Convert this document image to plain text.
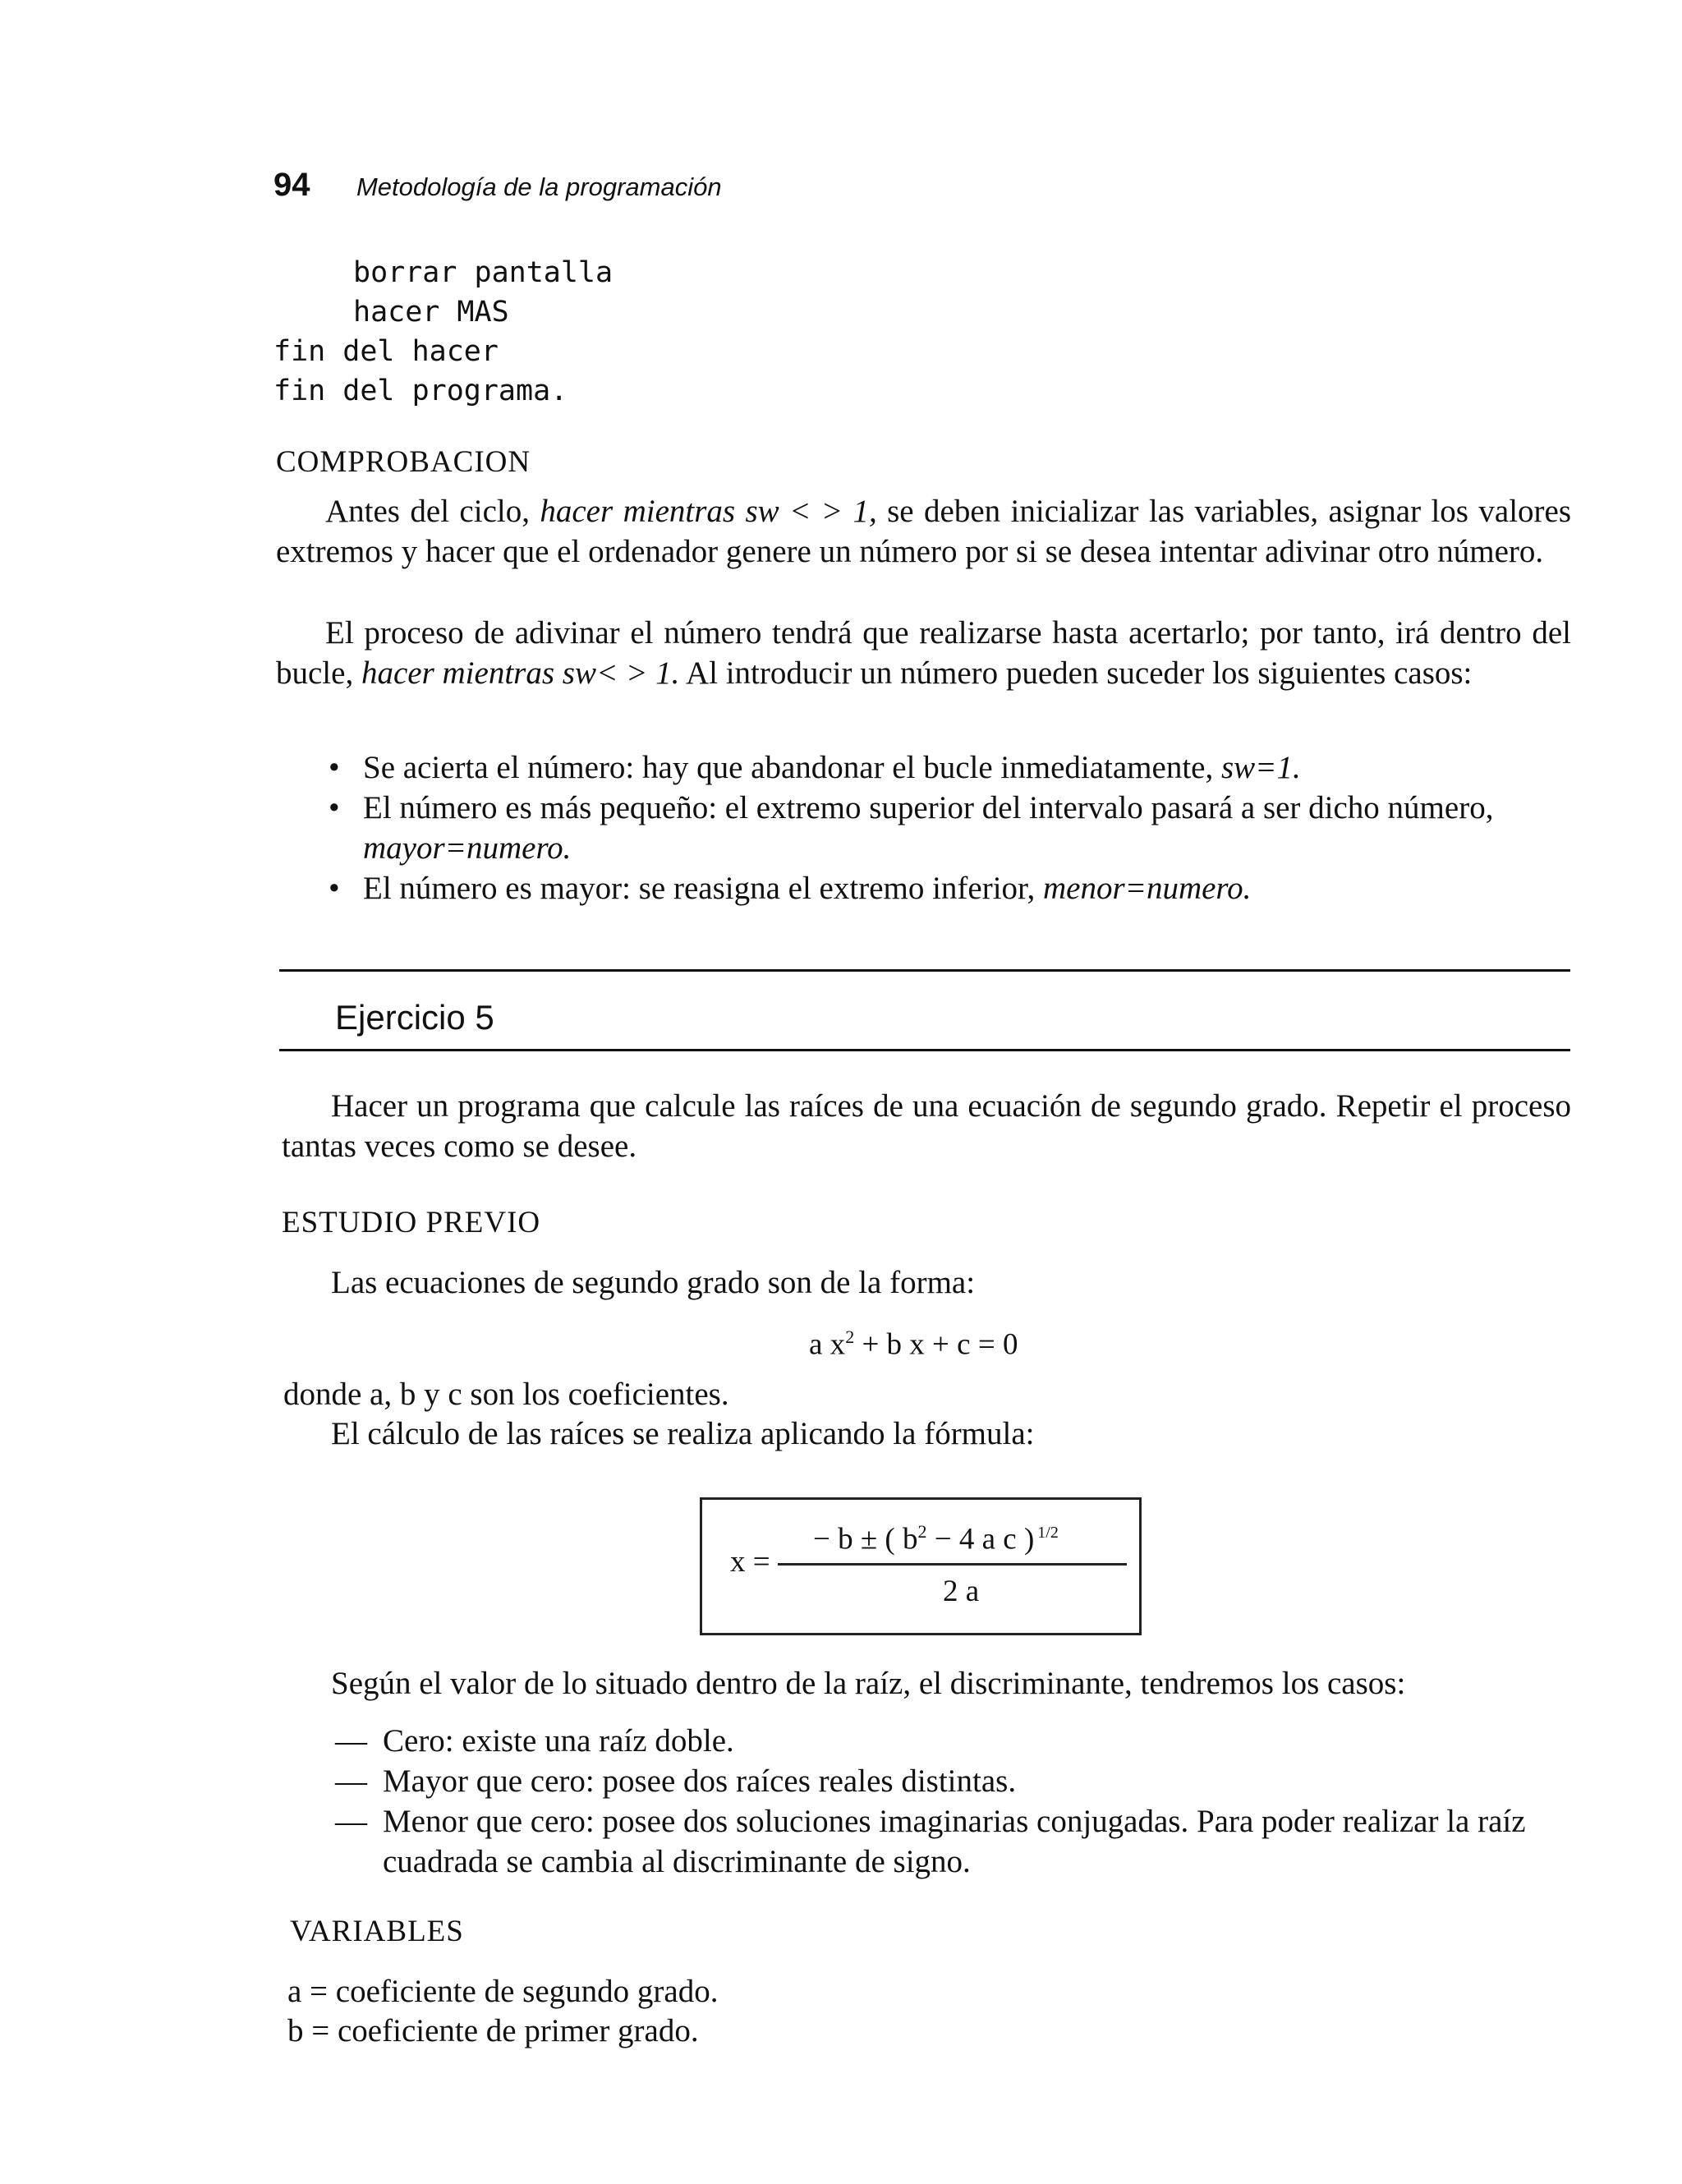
94 Metodología de la programación
borrar pantalla
hacer MAS
fin del hacer
fin del programa.
COMPROBACION

Antes del ciclo, hacer mientras sw < > 1, se deben inicializar las variables, asignar los valores extremos y hacer que el ordenador genere un número por si se desea intentar adivinar otro número.

El proceso de adivinar el número tendrá que realizarse hasta acertarlo; por tanto, irá dentro del bucle, hacer mientras sw< > 1. Al introducir un número pueden suceder los siguientes casos:

• Se acierta el número: hay que abandonar el bucle inmediatamente, sw=1.

• El número es más pequeño: el extremo superior del intervalo pasará a ser dicho número, mayor=numero.

• El número es mayor: se reasigna el extremo inferior, menor=numero.

Ejercicio 5

Hacer un programa que calcule las raíces de una ecuación de segundo grado. Repetir el proceso tantas veces como se desee.

ESTUDIO PREVIO
Las ecuaciones de segundo grado son de la forma:
a $x^2 + b$ x + c = 0
donde a, b y c son los coeficientes.
El cálculo de las raíces se realiza aplicando la fórmula:
x =
− b ± ( $b^2 - 4$ a c ) $^{1/2}$
2 a

Según el valor de lo situado dentro de la raíz, el discriminante, tendremos los casos:

— Cero: existe una raíz doble.

— Mayor que cero: posee dos raíces reales distintas.

— Menor que cero: posee dos soluciones imaginarias conjugadas. Para poder realizar la raíz cuadrada se cambia al discriminante de signo.

VARIABLES
a = coeficiente de segundo grado.
b = coeficiente de primer grado.
